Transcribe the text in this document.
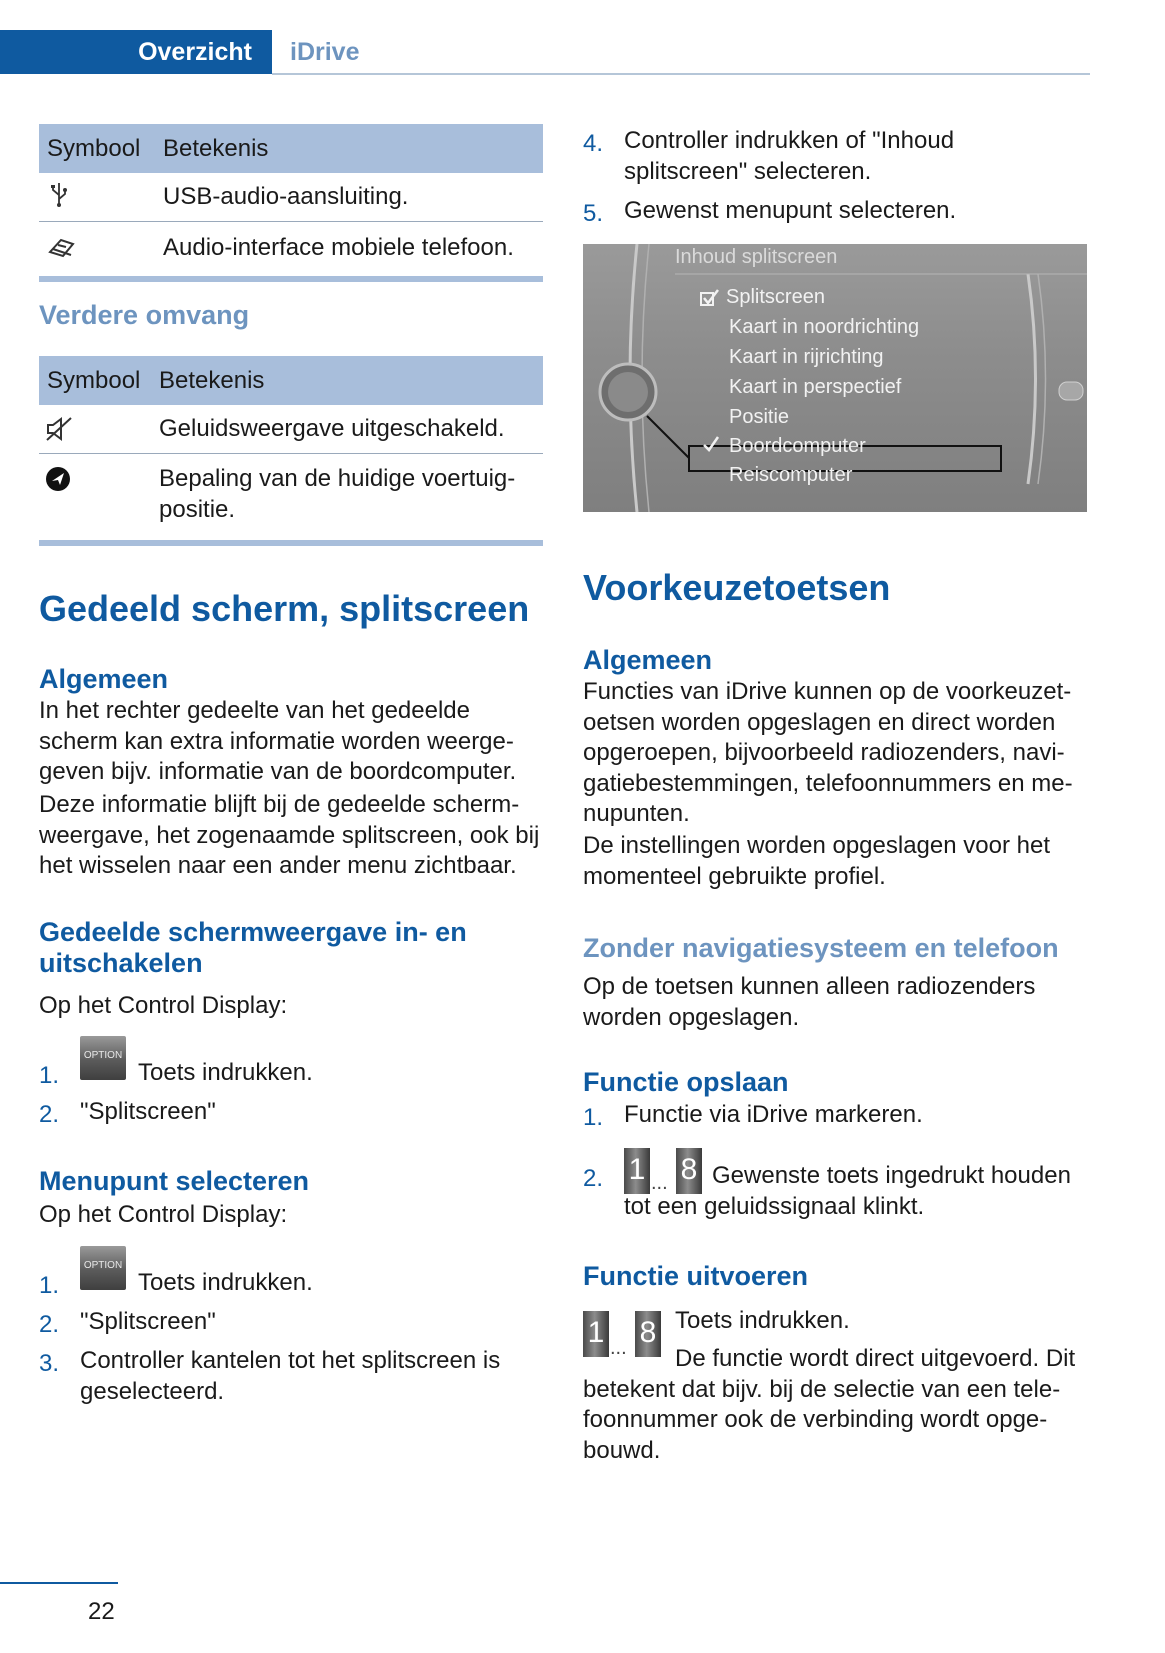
Overzicht iDrive
Symbool Betekenis
USB-audio-aansluiting.
Audio-interface mobiele telefoon.
Verdere omvang
Symbool Betekenis
Geluidsweergave uitgeschakeld.
Bepaling van de huidige voertuig-
positie.
Gedeeld scherm, splitscreen
Algemeen
In het rechter gedeelte van het gedeelde scherm kan extra informatie worden weerge-geven bijv. informatie van de boordcomputer.
Deze informatie blijft bij de gedeelde scherm-weergave, het zogenaamde splitscreen, ook bij het wisselen naar een ander menu zichtbaar.
Gedeelde schermweergave in- en uitschakelen
Op het Control Display:
1.
OPTION
Toets indrukken.
2. "Splitscreen"
Menupunt selecteren
Op het Control Display:
1.
OPTION
Toets indrukken.
2. "Splitscreen"
3. Controller kantelen tot het splitscreen is geselecteerd.
4. Controller indrukken of "Inhoud splitscreen" selecteren.
5. Gewenst menupunt selecteren.
Inhoud splitscreen
Splitscreen
Kaart in noordrichting
Kaart in rijrichting
Kaart in perspectief
Positie
Boordcomputer
Reiscomputer
Voorkeuzetoetsen
Algemeen
Functies van iDrive kunnen op de voorkeuzet-oetsen worden opgeslagen en direct worden opgeroepen, bijvoorbeeld radiozenders, navi-gatiebestemmingen, telefoonnummers en me-nupunten.
De instellingen worden opgeslagen voor het momenteel gebruikte profiel.
Zonder navigatiesysteem en telefoon
Op de toetsen kunnen alleen radiozenders worden opgeslagen.
Functie opslaan
1. Functie via iDrive markeren.
2. 1 ... 8 Gewenste toets ingedrukt houden tot een geluidssignaal klinkt.
Functie uitvoeren
1 ... 8 Toets indrukken.
De functie wordt direct uitgevoerd. Dit betekent dat bijv. bij de selectie van een tele-foonnummer ook de verbinding wordt opge-bouwd.
22
